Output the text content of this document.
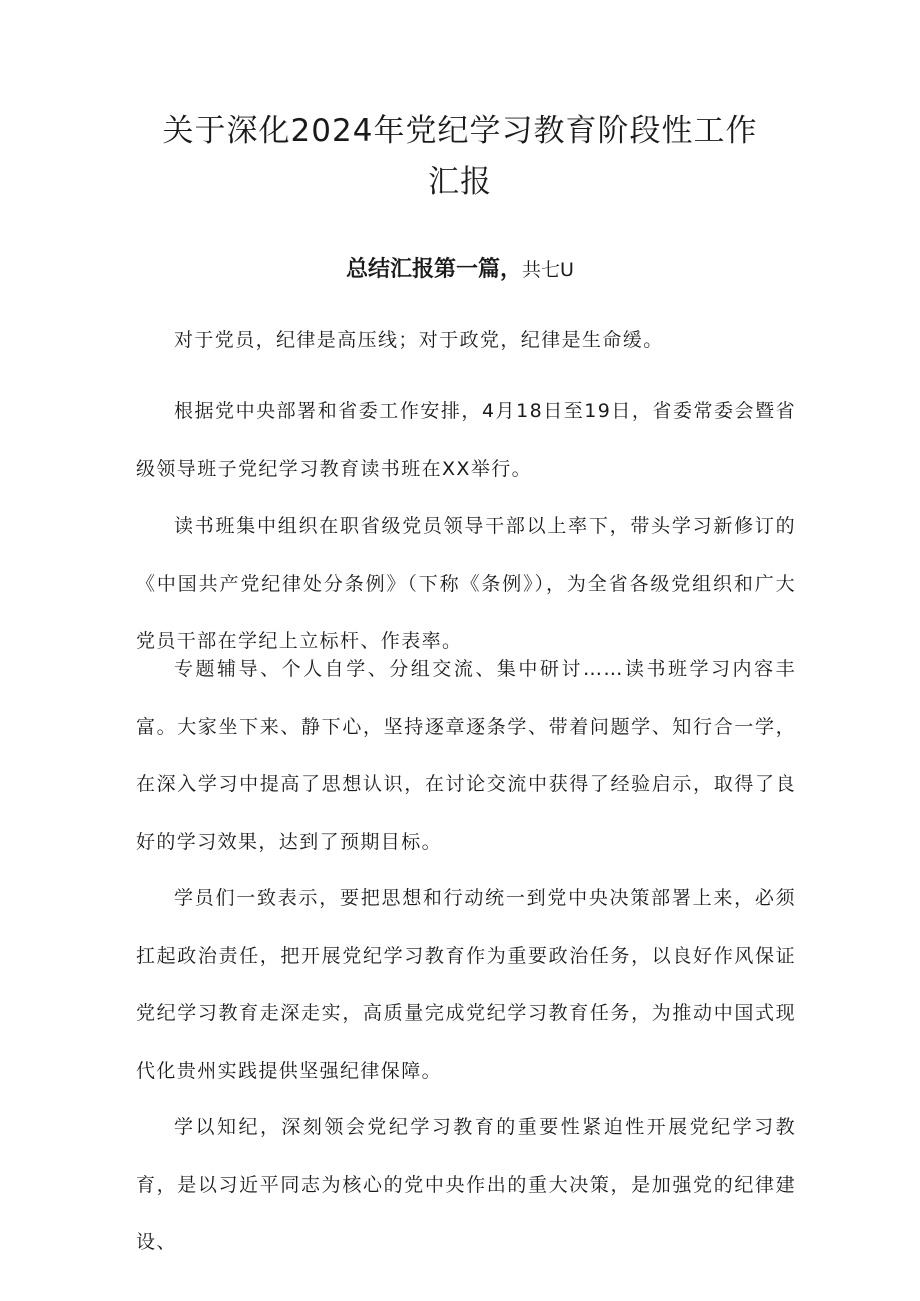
关于深化2024年党纪学习教育阶段性工作
汇报

总结汇报第一篇，共七U

对于党员，纪律是高压线；对于政党，纪律是生命缓。

根据党中央部署和省委工作安排，4月18日至19日，省委常委会暨省级领导班子党纪学习教育读书班在XX举行。

读书班集中组织在职省级党员领导干部以上率下，带头学习新修订的《中国共产党纪律处分条例》（下称《条例》），为全省各级党组织和广大党员干部在学纪上立标杆、作表率。

专题辅导、个人自学、分组交流、集中研讨……读书班学习内容丰富。大家坐下来、静下心，坚持逐章逐条学、带着问题学、知行合一学，在深入学习中提高了思想认识，在讨论交流中获得了经验启示，取得了良好的学习效果，达到了预期目标。

学员们一致表示，要把思想和行动统一到党中央决策部署上来，必须扛起政治责任，把开展党纪学习教育作为重要政治任务，以良好作风保证党纪学习教育走深走实，高质量完成党纪学习教育任务，为推动中国式现代化贵州实践提供坚强纪律保障。

学以知纪，深刻领会党纪学习教育的重要性紧迫性开展党纪学习教育，是以习近平同志为核心的党中央作出的重大决策，是加强党的纪律建设、
